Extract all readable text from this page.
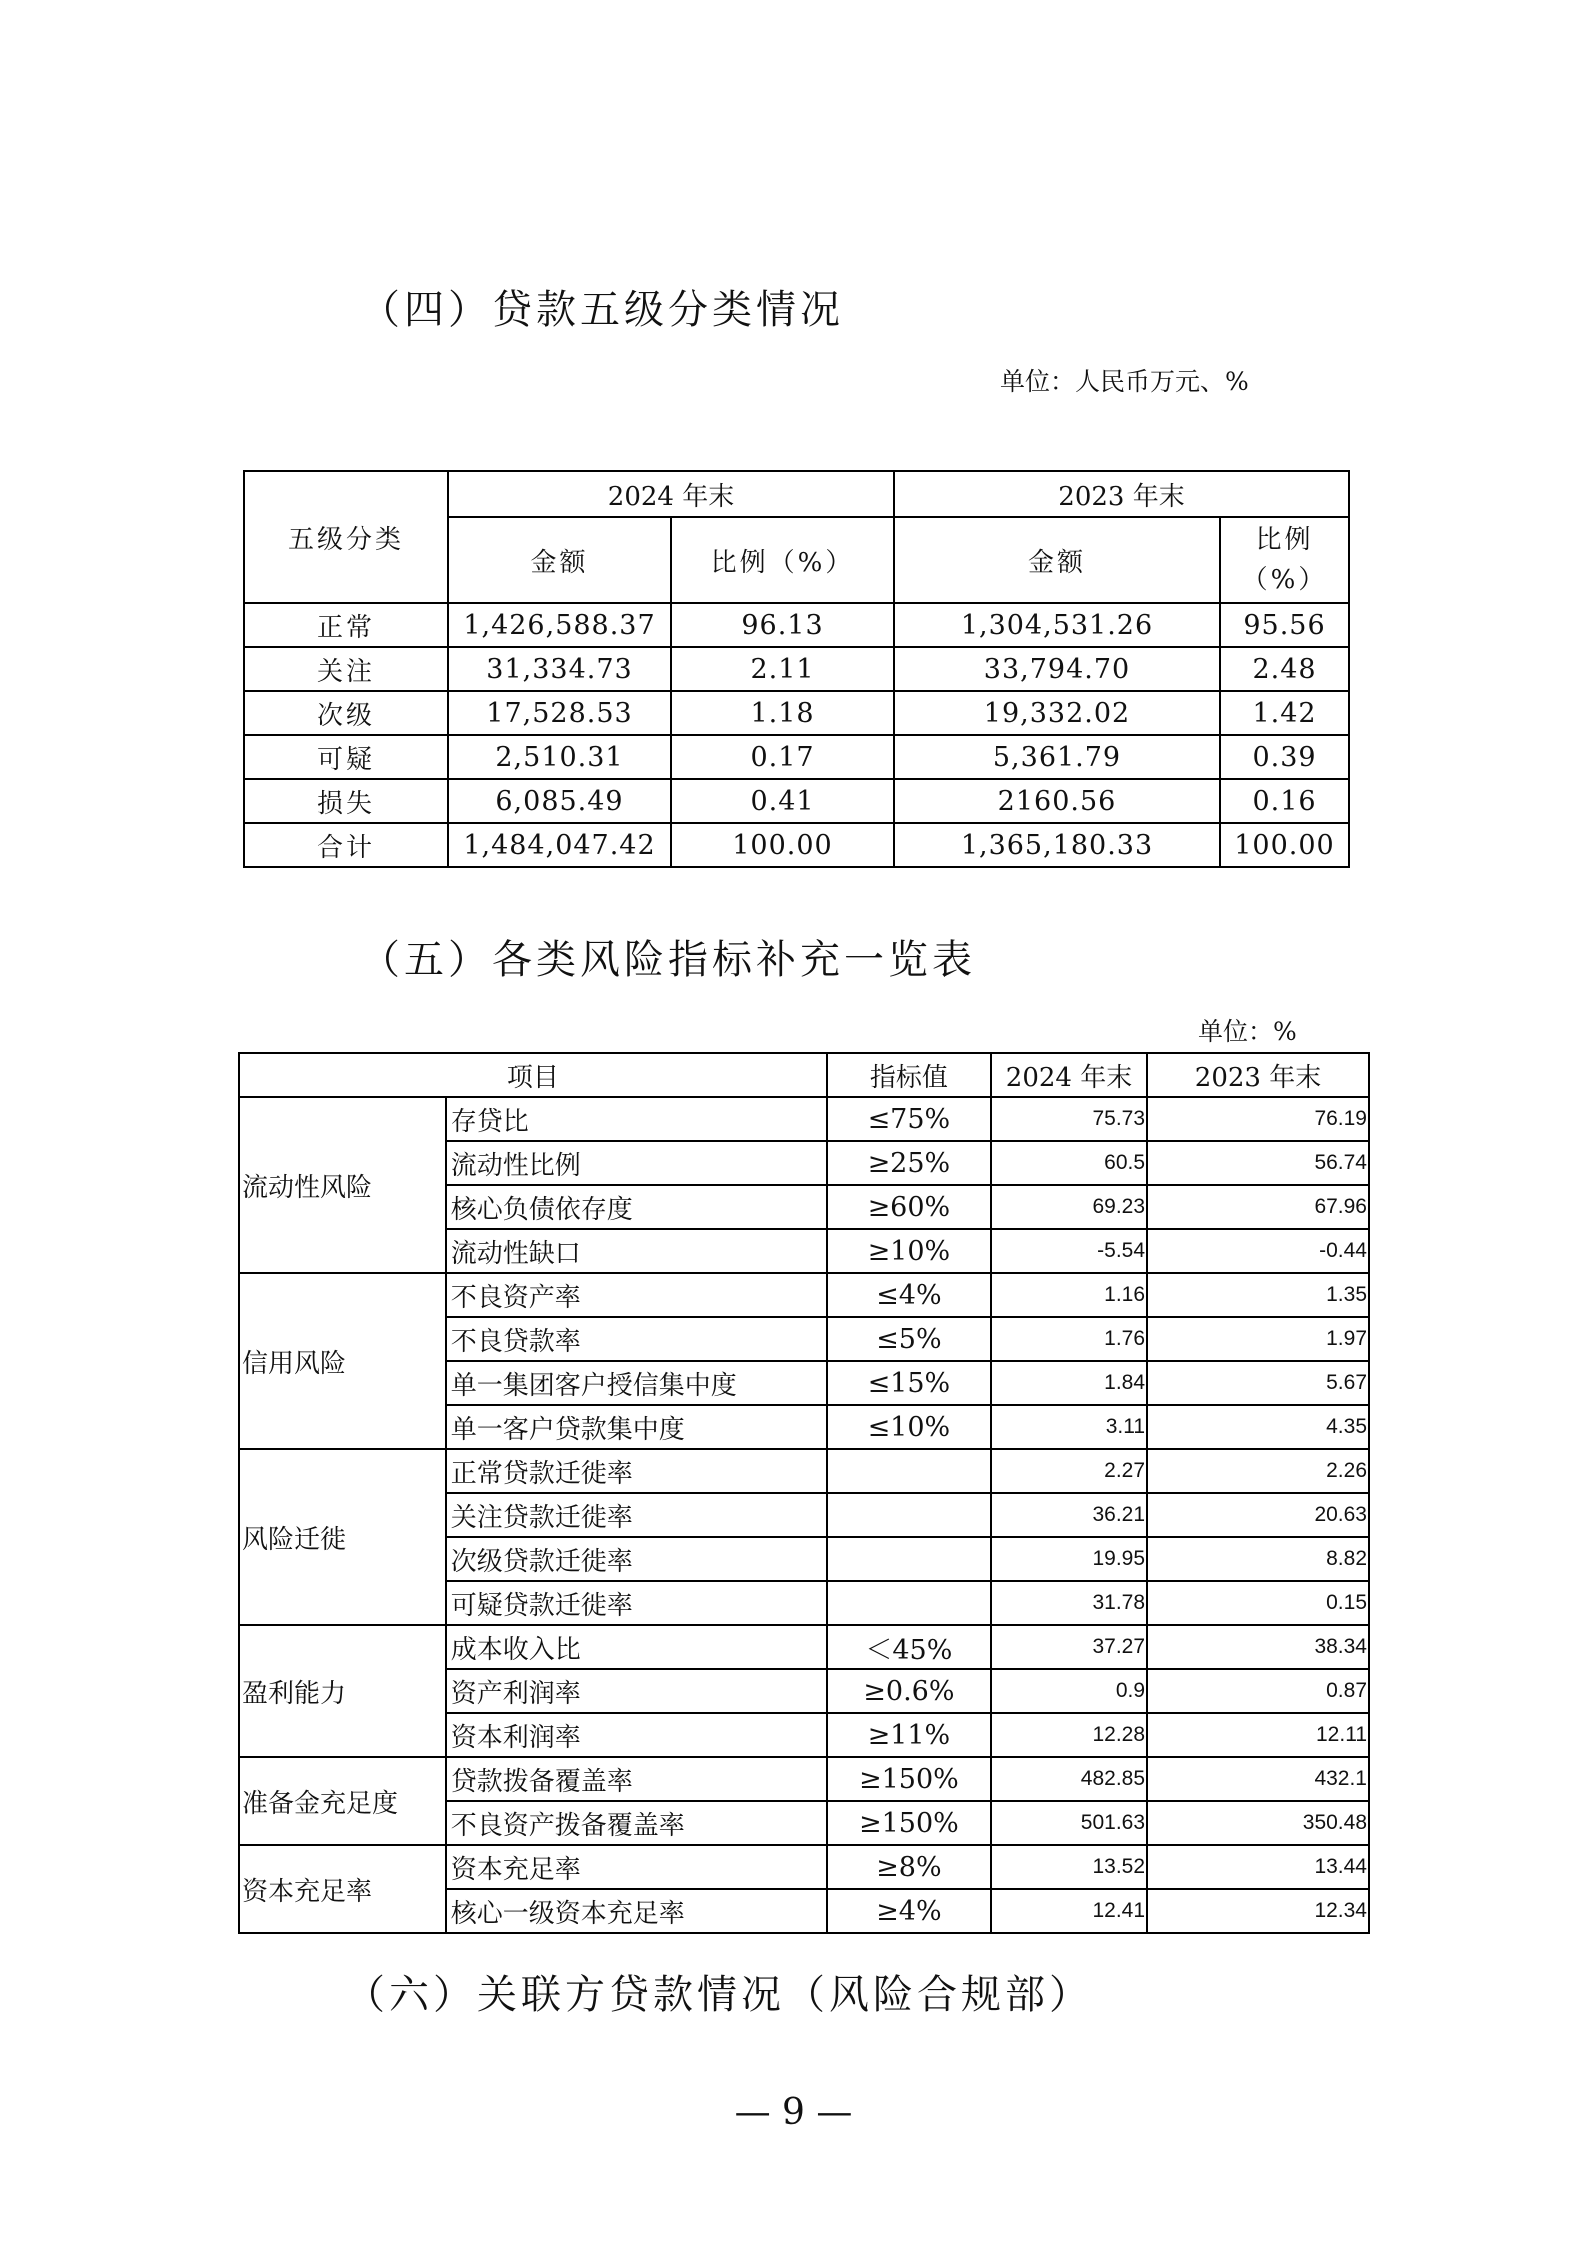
（四）贷款五级分类情况
单位：人民币万元、%
五级分类	2024 年末		2023 年末	
	金额	比例（%）	金额	比例（%）
正常	1,426,588.37	96.13	1,304,531.26	95.56
关注	31,334.73	2.11	33,794.70	2.48
次级	17,528.53	1.18	19,332.02	1.42
可疑	2,510.31	0.17	5,361.79	0.39
损失	6,085.49	0.41	2160.56	0.16
合计	1,484,047.42	100.00	1,365,180.33	100.00
（五）各类风险指标补充一览表
单位：%
项目		指标值	2024 年末	2023 年末
流动性风险	存贷比	≤75%	75.73	76.19
	流动性比例	≥25%	60.5	56.74
	核心负债依存度	≥60%	69.23	67.96
	流动性缺口	≥10%	-5.54	-0.44
信用风险	不良资产率	≤4%	1.16	1.35
	不良贷款率	≤5%	1.76	1.97
	单一集团客户授信集中度	≤15%	1.84	5.67
	单一客户贷款集中度	≤10%	3.11	4.35
风险迁徙	正常贷款迁徙率		2.27	2.26
	关注贷款迁徙率		36.21	20.63
	次级贷款迁徙率		19.95	8.82
	可疑贷款迁徙率		31.78	0.15
盈利能力	成本收入比	＜45%	37.27	38.34
	资产利润率	≥0.6%	0.9	0.87
	资本利润率	≥11%	12.28	12.11
准备金充足度	贷款拨备覆盖率	≥150%	482.85	432.1
	不良资产拨备覆盖率	≥150%	501.63	350.48
资本充足率	资本充足率	≥8%	13.52	13.44
	核心一级资本充足率	≥4%	12.41	12.34
（六）关联方贷款情况（风险合规部）
— 9 —
